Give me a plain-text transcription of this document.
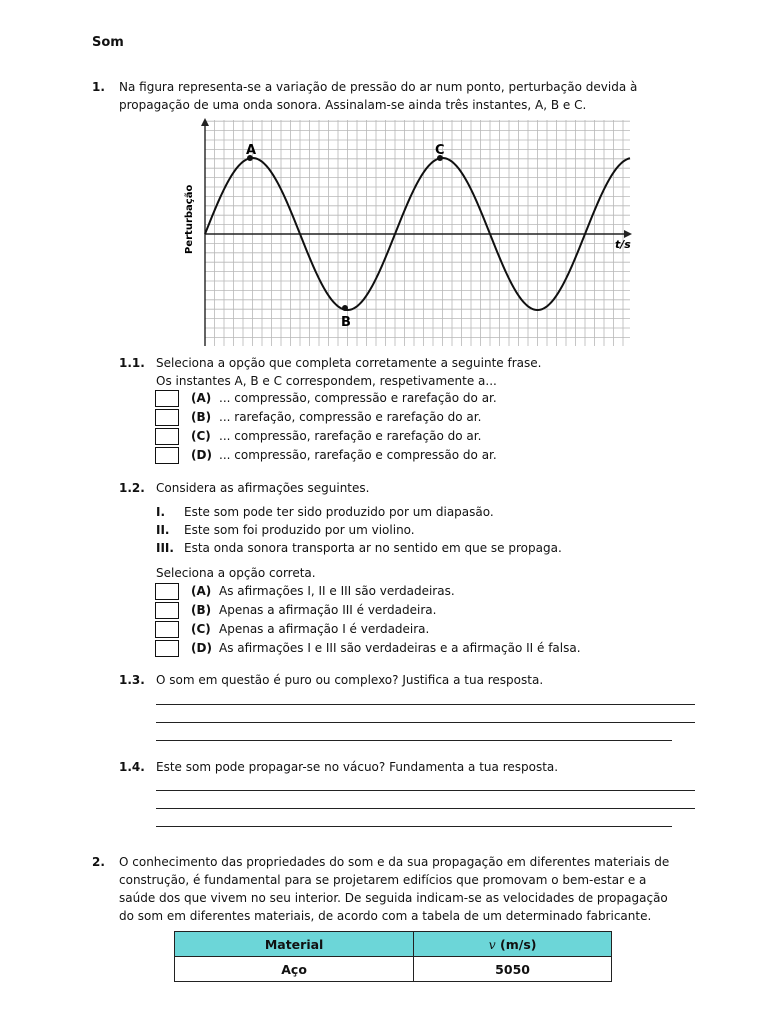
Som
1. Na figura representa-se a variação de pressão do ar num ponto, perturbação devida à
propagação de uma onda sonora. Assinalam-se ainda três instantes, A, B e C.
A
B
C
t/s
Perturbação
1.1. Seleciona a opção que completa corretamente a seguinte frase.
Os instantes A, B e C correspondem, respetivamente a...
(A) ... compressão, compressão e rarefação do ar.
(B) ... rarefação, compressão e rarefação do ar.
(C) ... compressão, rarefação e rarefação do ar.
(D) ... compressão, rarefação e compressão do ar.
1.2. Considera as afirmações seguintes.
I. Este som pode ter sido produzido por um diapasão.
II. Este som foi produzido por um violino.
III. Esta onda sonora transporta ar no sentido em que se propaga.
Seleciona a opção correta.
(A) As afirmações I, II e III são verdadeiras.
(B) Apenas a afirmação III é verdadeira.
(C) Apenas a afirmação I é verdadeira.
(D) As afirmações I e III são verdadeiras e a afirmação II é falsa.
1.3. O som em questão é puro ou complexo? Justifica a tua resposta.
1.4. Este som pode propagar-se no vácuo? Fundamenta a tua resposta.
2. O conhecimento das propriedades do som e da sua propagação em diferentes materiais de
construção, é fundamental para se projetarem edifícios que promovam o bem-estar e a
saúde dos que vivem no seu interior. De seguida indicam-se as velocidades de propagação
do som em diferentes materiais, de acordo com a tabela de um determinado fabricante.
Material	v (m/s)
Aço	5050
